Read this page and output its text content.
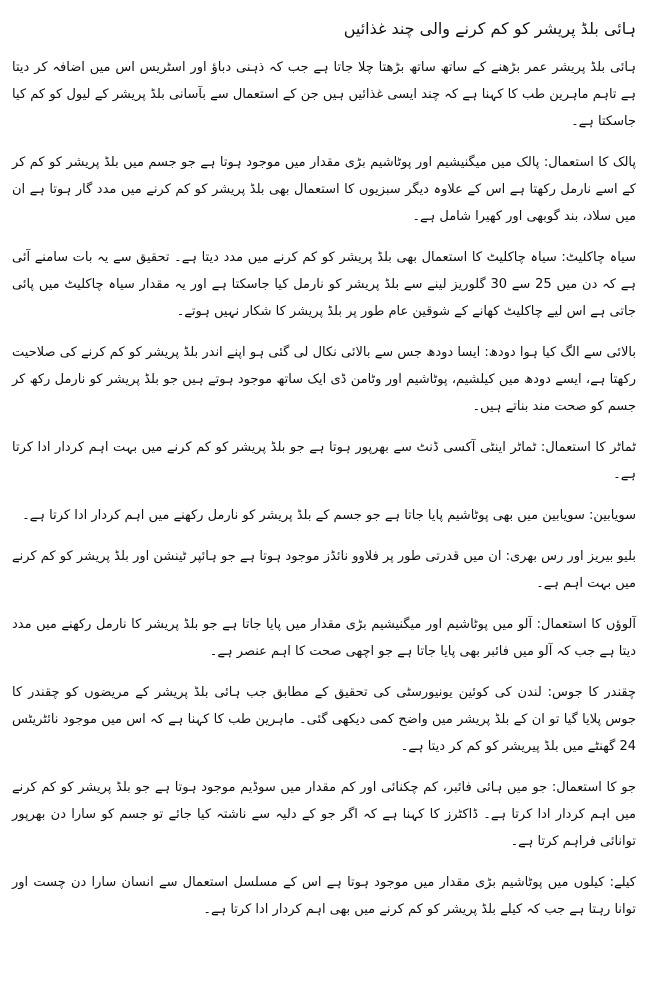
ہائی بلڈ پریشر کو کم کرنے والی چند غذائیں

ہائی بلڈ پریشر عمر بڑھنے کے ساتھ ساتھ بڑھتا چلا جاتا ہے جب کہ ذہنی دباؤ اور اسٹریس اس میں اضافہ کر دیتا ہے تاہم ماہرین طب کا کہنا ہے کہ چند ایسی غذائیں ہیں جن کے استعمال سے بآسانی بلڈ پریشر کے لیول کو کم کیا جاسکتا ہے۔

پالک کا استعمال: پالک میں میگنیشیم اور پوٹاشیم بڑی مقدار میں موجود ہوتا ہے جو جسم میں بلڈ پریشر کو کم کر کے اسے نارمل رکھتا ہے اس کے علاوہ دیگر سبزیوں کا استعمال بھی بلڈ پریشر کو کم کرنے میں مدد گار ہوتا ہے ان میں سلاد، بند گوبھی اور کھیرا شامل ہے۔

سیاہ چاکلیٹ: سیاہ چاکلیٹ کا استعمال بھی بلڈ پریشر کو کم کرنے میں مدد دیتا ہے۔ تحقیق سے یہ بات سامنے آئی ہے کہ دن میں 25 سے 30 گلوریز لینے سے بلڈ پریشر کو نارمل کیا جاسکتا ہے اور یہ مقدار سیاہ چاکلیٹ میں پائی جاتی ہے اس لیے چاکلیٹ کھانے کے شوقین عام طور پر بلڈ پریشر کا شکار نہیں ہوتے۔

بالائی سے الگ کیا ہوا دودھ: ایسا دودھ جس سے بالائی نکال لی گئی ہو اپنے اندر بلڈ پریشر کو کم کرنے کی صلاحیت رکھتا ہے، ایسے دودھ میں کیلشیم، پوٹاشیم اور وٹامن ڈی ایک ساتھ موجود ہوتے ہیں جو بلڈ پریشر کو نارمل رکھ کر جسم کو صحت مند بناتے ہیں۔

ٹماٹر کا استعمال: ٹماٹر اینٹی آکسی ڈنٹ سے بھرپور ہوتا ہے جو بلڈ پریشر کو کم کرنے میں بہت اہم کردار ادا کرتا ہے۔

سویابین: سویابین میں بھی پوٹاشیم پایا جاتا ہے جو جسم کے بلڈ پریشر کو نارمل رکھنے میں اہم کردار ادا کرتا ہے۔

بلیو بیریز اور رس بھری: ان میں قدرتی طور پر فلاوو نائڈز موجود ہوتا ہے جو ہائپر ٹینشن اور بلڈ پریشر کو کم کرنے میں بہت اہم ہے۔

آلوؤں کا استعمال: آلو میں پوٹاشیم اور میگنیشیم بڑی مقدار میں پایا جاتا ہے جو بلڈ پریشر کا نارمل رکھنے میں مدد دیتا ہے جب کہ آلو میں فائبر بھی پایا جاتا ہے جو اچھی صحت کا اہم عنصر ہے۔

چقندر کا جوس: لندن کی کوئین یونیورسٹی کی تحقیق کے مطابق جب ہائی بلڈ پریشر کے مریضوں کو چقندر کا جوس پلایا گیا تو ان کے بلڈ پریشر میں واضح کمی دیکھی گئی۔ ماہرین طب کا کہنا ہے کہ اس میں موجود نائٹریٹس 24 گھنٹے میں بلڈ پیریشر کو کم کر دیتا ہے۔

جو کا استعمال: جو میں ہائی فائبر، کم چکنائی اور کم مقدار میں سوڈیم موجود ہوتا ہے جو بلڈ پریشر کو کم کرنے میں اہم کردار ادا کرتا ہے۔ ڈاکٹرز کا کہنا ہے کہ اگر جو کے دلیہ سے ناشتہ کیا جائے تو جسم کو سارا دن بھرپور توانائی فراہم کرتا ہے۔

کیلے: کیلوں میں پوٹاشیم بڑی مقدار میں موجود ہوتا ہے اس کے مسلسل استعمال سے انسان سارا دن چست اور توانا رہتا ہے جب کہ کیلے بلڈ پریشر کو کم کرنے میں بھی اہم کردار ادا کرتا ہے۔
